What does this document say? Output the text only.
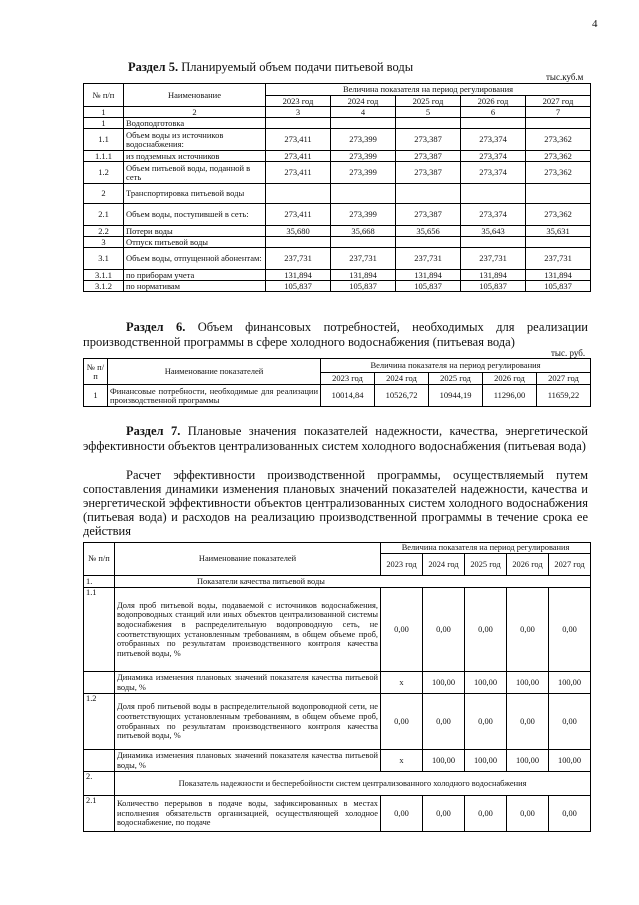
4
Раздел 5. Планируемый объем подачи питьевой воды
тыс.куб.м
№ п/п	Наименование	Величина показателя на период регулирования				
		2023 год	2024 год	2025 год	2026 год	2027 год
1	2	3	4	5	6	7
1	Водоподготовка					
1.1	Объем воды из источников водоснабжения:	273,411	273,399	273,387	273,374	273,362
1.1.1	из подземных источников	273,411	273,399	273,387	273,374	273,362
1.2	Объем питьевой воды, поданной в сеть	273,411	273,399	273,387	273,374	273,362
2	Транспортировка питьевой воды					
2.1	Объем воды, поступившей в сеть:	273,411	273,399	273,387	273,374	273,362
2.2	Потери воды	35,680	35,668	35,656	35,643	35,631
3	Отпуск питьевой воды					
3.1	Объем воды, отпущенной абонентам:	237,731	237,731	237,731	237,731	237,731
3.1.1	по приборам учета	131,894	131,894	131,894	131,894	131,894
3.1.2	по нормативам	105,837	105,837	105,837	105,837	105,837
Раздел 6. Объем финансовых потребностей, необходимых для реализации производственной программы в сфере холодного водоснабжения (питьевая вода)
тыс. руб.
№ п/п	Наименование показателей	Величина показателя на период регулирования				
		2023 год	2024 год	2025 год	2026 год	2027 год
1	Финансовые потребности, необходимые для реализации производственной программы	10014,84	10526,72	10944,19	11296,00	11659,22
Раздел 7. Плановые значения показателей надежности, качества, энергетической эффективности объектов централизованных систем холодного водоснабжения (питьевая вода)
Расчет эффективности производственной программы, осуществляемый путем сопоставления динамики изменения плановых значений показателей надежности, качества и энергетической эффективности объектов централизованных систем холодного водоснабжения (питьевая вода) и расходов на реализацию производственной программы в течение срока ее действия
№ п/п	Наименование показателей	Величина показателя на период регулирования				
		2023 год	2024 год	2025 год	2026 год	2027 год
1.	Показатели качества питьевой воды					
1.1	Доля проб питьевой воды, подаваемой с источников водоснабжения, водопроводных станций или иных объектов централизованной системы водоснабжения в распределительную водопроводную сеть, не соответствующих установленным требованиям, в общем объеме проб, отобранных по результатам производственного контроля качества питьевой воды, %	0,00	0,00	0,00	0,00	0,00
	Динамика изменения плановых значений показателя качества питьевой воды, %	х	100,00	100,00	100,00	100,00
1.2	Доля проб питьевой воды в распределительной водопроводной сети, не соответствующих установленным требованиям, в общем объеме проб, отобранных по результатам производственного контроля качества питьевой воды, %	0,00	0,00	0,00	0,00	0,00
	Динамика изменения плановых значений показателя качества питьевой воды, %	х	100,00	100,00	100,00	100,00
2.	Показатель надежности и бесперебойности систем централизованного холодного водоснабжения					
2.1	Количество перерывов в подаче воды, зафиксированных в местах исполнения обязательств организацией, осуществляющей холодное водоснабжение, по подаче	0,00	0,00	0,00	0,00	0,00
